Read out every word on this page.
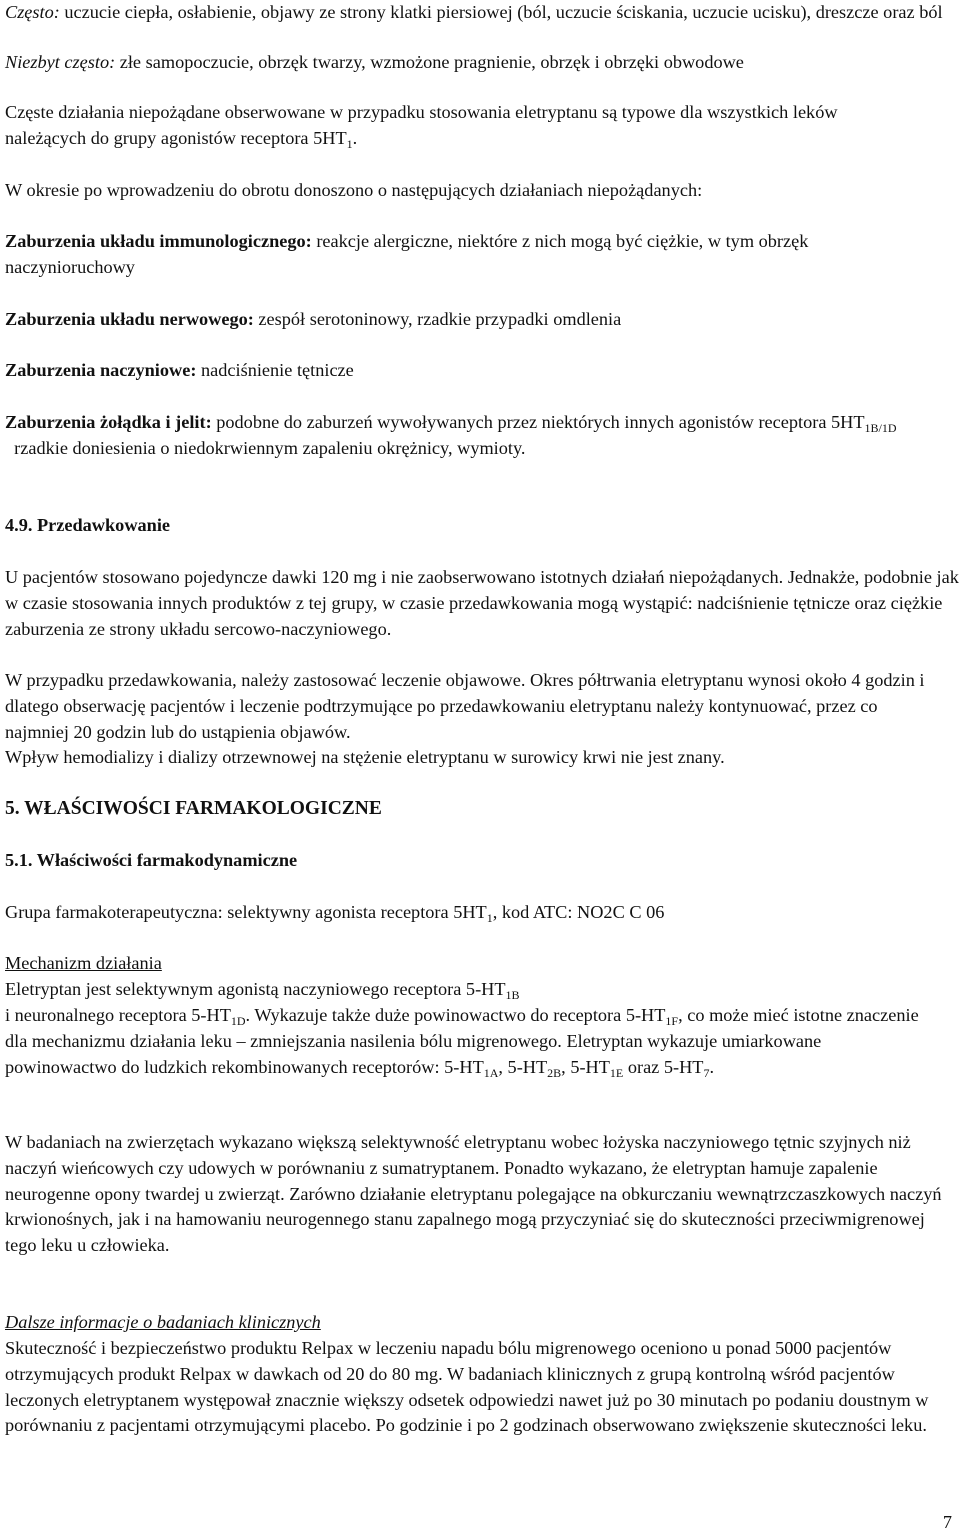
Często: uczucie ciepła, osłabienie, objawy ze strony klatki piersiowej (ból, uczucie ściskania, uczucie ucisku), dreszcze oraz ból

Niezbyt często: złe samopoczucie, obrzęk twarzy, wzmożone pragnienie, obrzęk i obrzęki obwodowe

Częste działania niepożądane obserwowane w przypadku stosowania eletryptanu są typowe dla wszystkich leków należących do grupy agonistów receptora $5HT_1$.

W okresie po wprowadzeniu do obrotu donoszono o następujących działaniach niepożądanych:

Zaburzenia układu immunologicznego: reakcje alergiczne, niektóre z nich mogą być ciężkie, w tym obrzęk naczynioruchowy

Zaburzenia układu nerwowego: zespół serotoninowy, rzadkie przypadki omdlenia

Zaburzenia naczyniowe: nadciśnienie tętnicze

Zaburzenia żołądka i jelit: podobne do zaburzeń wywoływanych przez niektórych innych agonistów receptora $5HT_{1B/1D}$  rzadkie doniesienia o niedokrwiennym zapaleniu okrężnicy, wymioty.

4.9. Przedawkowanie

U pacjentów stosowano pojedyncze dawki 120 mg i nie zaobserwowano istotnych działań niepożądanych. Jednakże, podobnie jak w czasie stosowania innych produktów z tej grupy, w czasie przedawkowania mogą wystąpić: nadciśnienie tętnicze oraz ciężkie zaburzenia ze strony układu sercowo-naczyniowego.

W przypadku przedawkowania, należy zastosować leczenie objawowe. Okres półtrwania eletryptanu wynosi około 4 godzin i dlatego obserwację pacjentów i leczenie podtrzymujące po przedawkowaniu eletryptanu należy kontynuować, przez co najmniej 20 godzin lub do ustąpienia objawów.

Wpływ hemodializy i dializy otrzewnowej na stężenie eletryptanu w surowicy krwi nie jest znany.

5. WŁAŚCIWOŚCI FARMAKOLOGICZNE

5.1. Właściwości farmakodynamiczne

Grupa farmakoterapeutyczna: selektywny agonista receptora $5HT_1$, kod ATC: NO2C C 06

Mechanizm działania

Eletryptan jest selektywnym agonistą naczyniowego receptora $5-HT_{1B}$

i neuronalnego receptora $5-HT_{1D}$. Wykazuje także duże powinowactwo do receptora $5-HT_{1F}$, co może mieć istotne znaczenie dla mechanizmu działania leku – zmniejszania nasilenia bólu migrenowego. Eletryptan wykazuje umiarkowane powinowactwo do ludzkich rekombinowanych receptorów: $5-HT_{1A}$, $5-HT_{2B}$, $5-HT_{1E}$ oraz $5-HT_7$.

W badaniach na zwierzętach wykazano większą selektywność eletryptanu wobec łożyska naczyniowego tętnic szyjnych niż naczyń wieńcowych czy udowych w porównaniu z sumatryptanem. Ponadto wykazano, że eletryptan hamuje zapalenie neurogenne opony twardej u zwierząt. Zarówno działanie eletryptanu polegające na obkurczaniu wewnątrzczaszkowych naczyń krwionośnych, jak i na hamowaniu neurogennego stanu zapalnego mogą przyczyniać się do skuteczności przeciwmigrenowej tego leku u człowieka.

Dalsze informacje o badaniach klinicznych

Skuteczność i bezpieczeństwo produktu Relpax w leczeniu napadu bólu migrenowego oceniono u ponad 5000 pacjentów otrzymujących produkt Relpax w dawkach od 20 do 80 mg. W badaniach klinicznych z grupą kontrolną wśród pacjentów leczonych eletryptanem występował znacznie większy odsetek odpowiedzi nawet już po 30 minutach po podaniu doustnym w porównaniu z pacjentami otrzymującymi placebo. Po godzinie i po 2 godzinach obserwowano zwiększenie skuteczności leku.

7
